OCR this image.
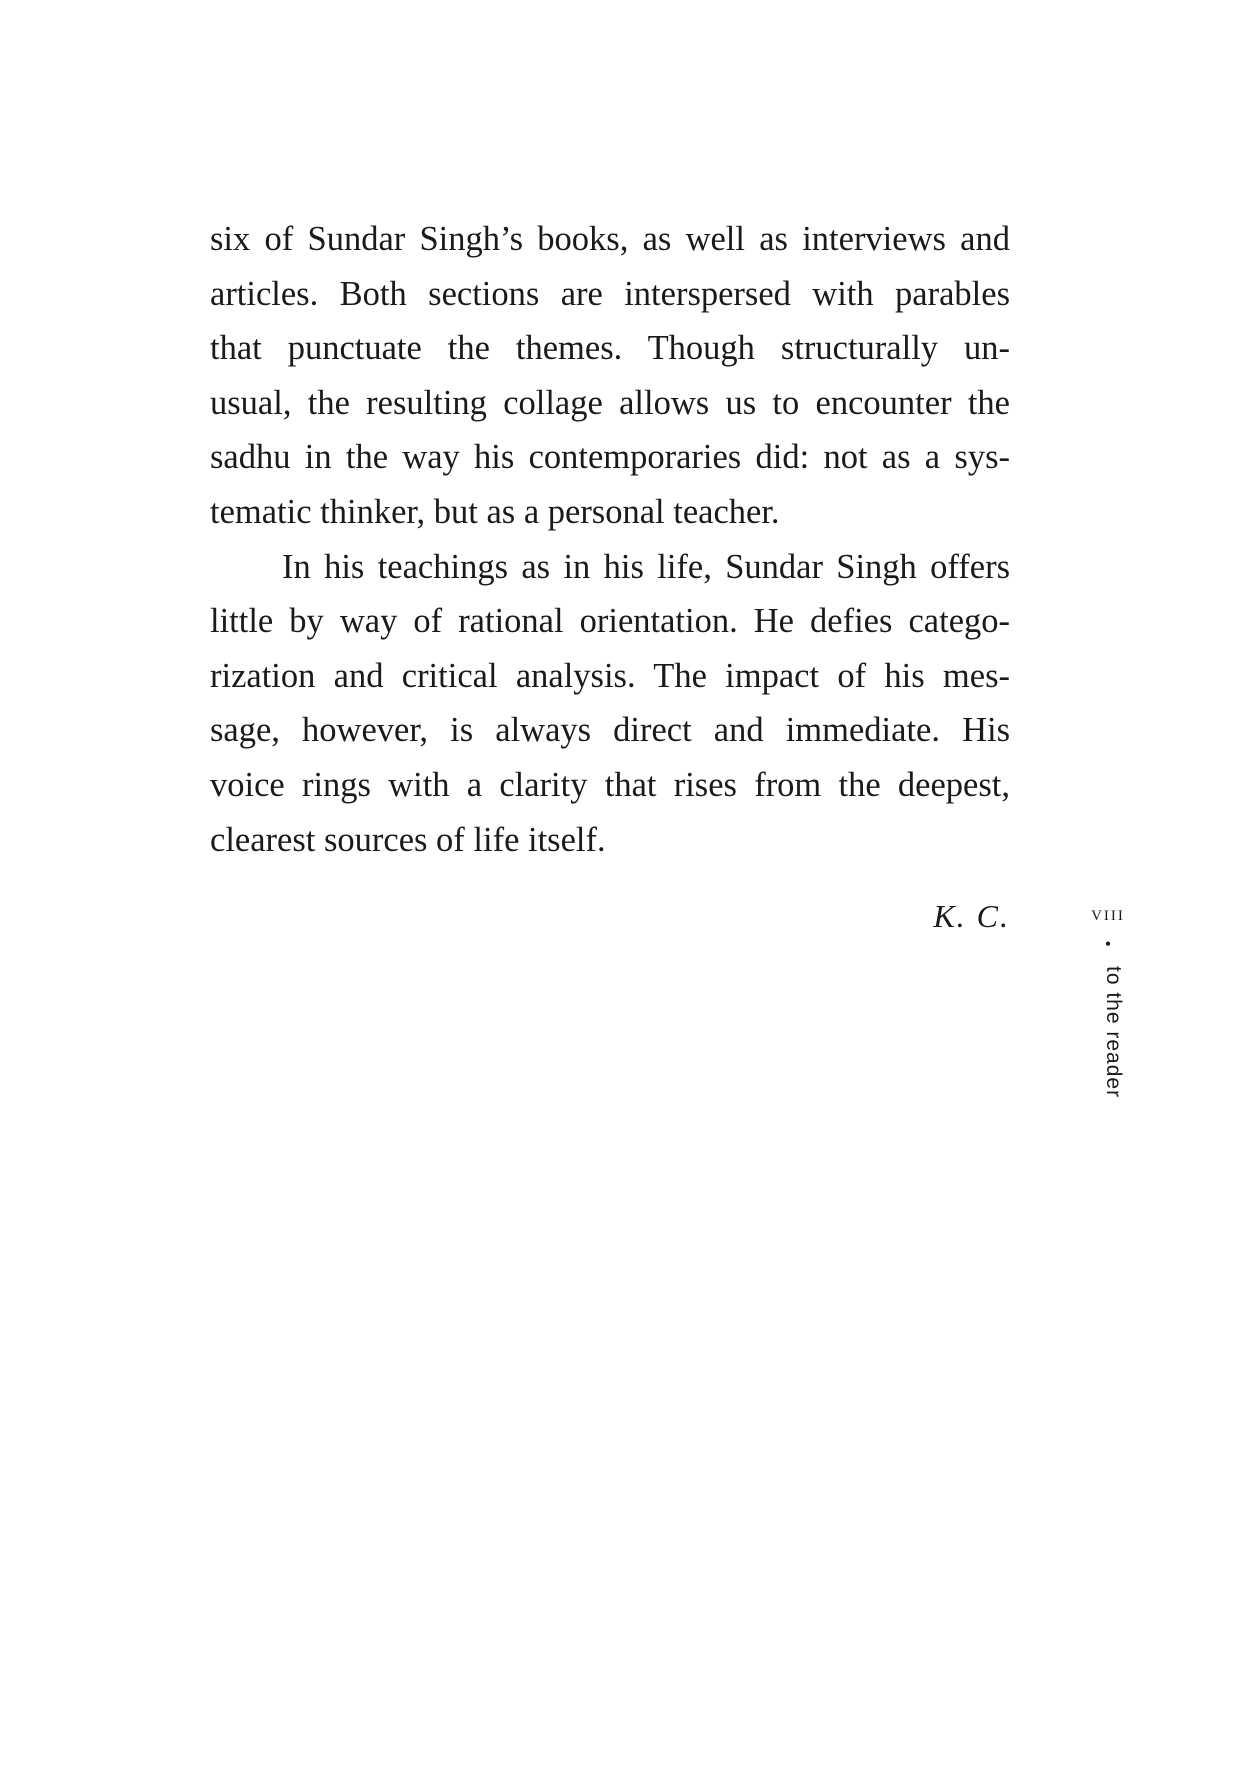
six of Sundar Singh’s books, as well as interviews and
articles. Both sections are interspersed with parables
that punctuate the themes. Though structurally un-
usual, the resulting collage allows us to encounter the
sadhu in the way his contemporaries did: not as a sys-
tematic thinker, but as a personal teacher.
In his teachings as in his life, Sundar Singh offers
little by way of rational orientation. He defies catego-
rization and critical analysis. The impact of his mes-
sage, however, is always direct and immediate. His
voice rings with a clarity that rises from the deepest,
clearest sources of life itself.
K. C.	viii
•
to the reader
